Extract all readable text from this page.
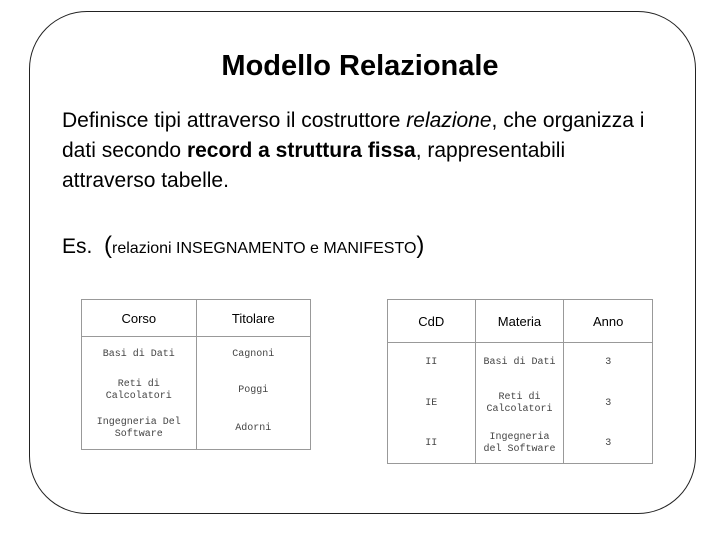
Modello Relazionale

Definisce tipi attraverso il costruttore relazione, che organizza i dati secondo record a struttura fissa, rappresentabili attraverso tabelle.

Es. (relazioni INSEGNAMENTO e MANIFESTO)

Corso	Titolare
Basi di Dati	Cagnoni
Reti di Calcolatori	Poggi
Ingegneria Del Software	Adorni
CdD	Materia	Anno
II	Basi di Dati	3
IE	Reti di Calcolatori	3
II	Ingegneria del Software	3
